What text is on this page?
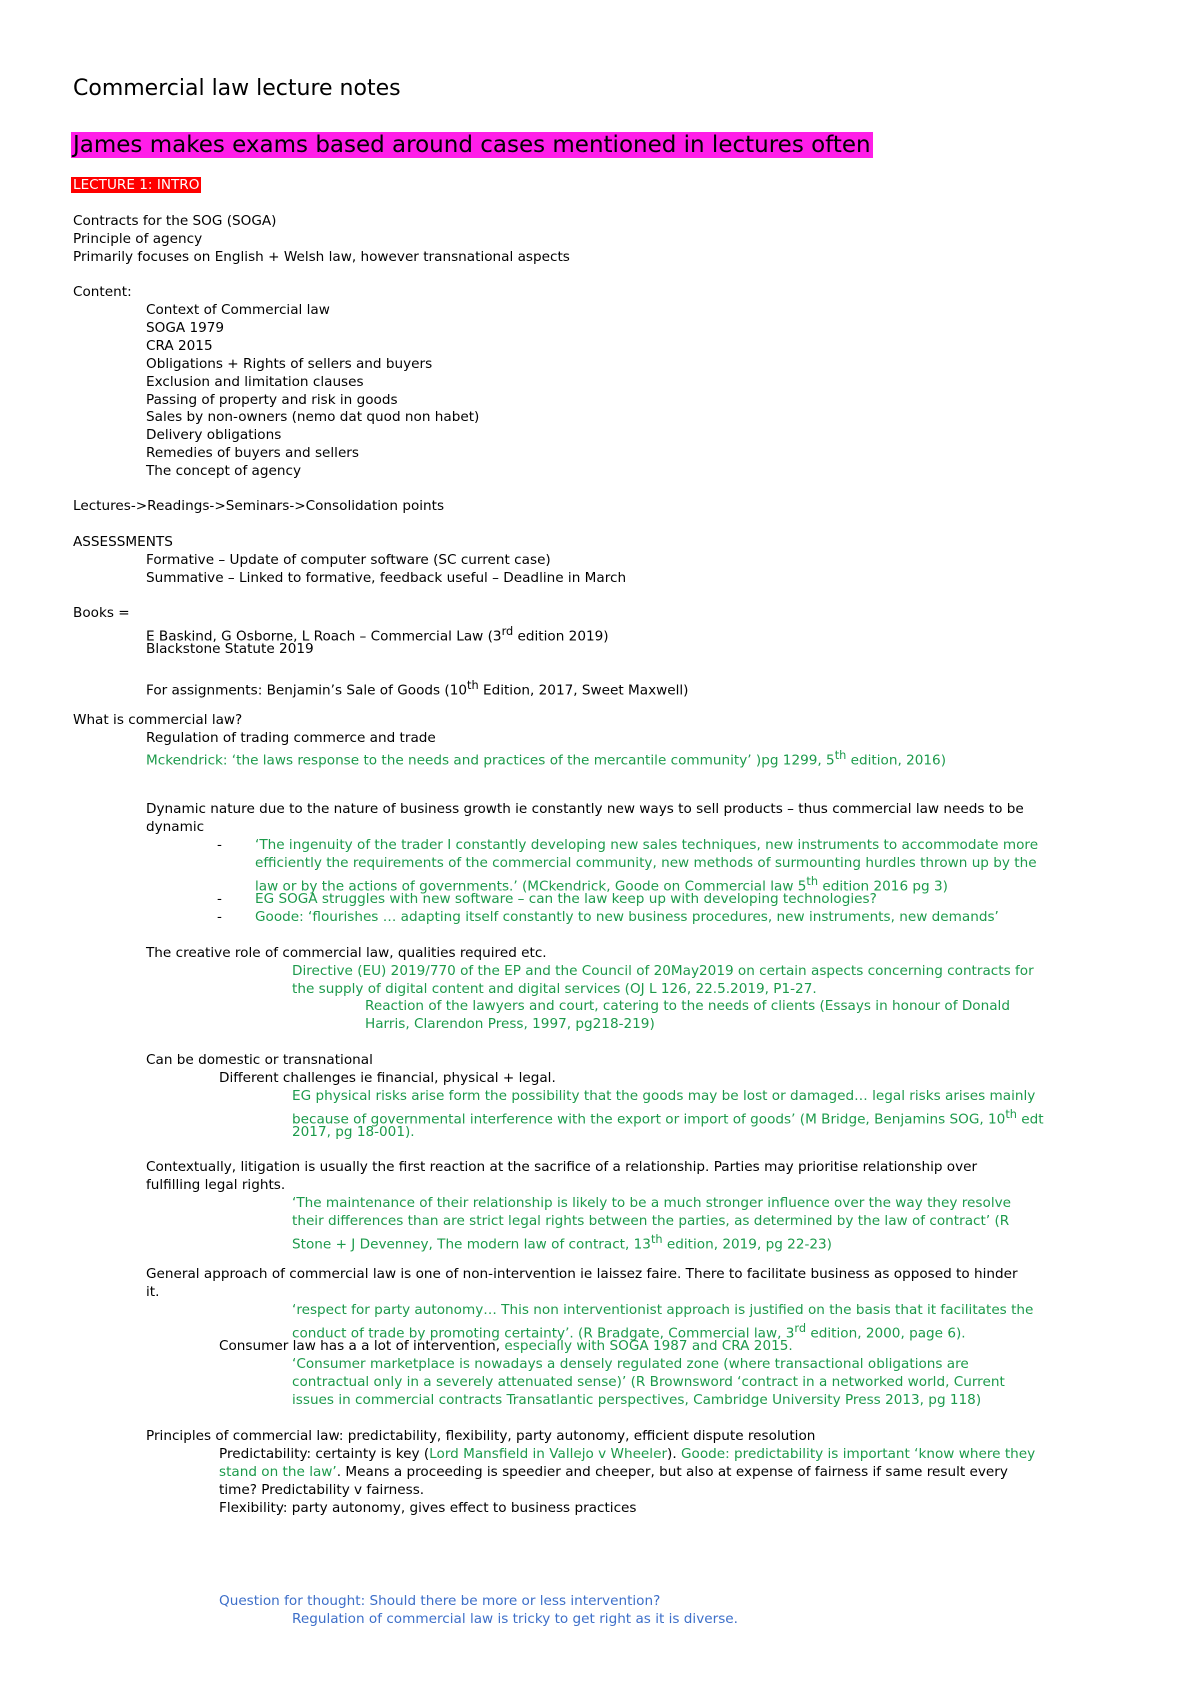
Commercial law lecture notes
James makes exams based around cases mentioned in lectures often
LECTURE 1: INTRO
Contracts for the SOG (SOGA)
Principle of agency
Primarily focuses on English + Welsh law, however transnational aspects
Content:
Context of Commercial law
SOGA 1979
CRA 2015
Obligations + Rights of sellers and buyers
Exclusion and limitation clauses
Passing of property and risk in goods
Sales by non-owners (nemo dat quod non habet)
Delivery obligations
Remedies of buyers and sellers
The concept of agency
Lectures->Readings->Seminars->Consolidation points
ASSESSMENTS
Formative – Update of computer software (SC current case)
Summative – Linked to formative, feedback useful – Deadline in March
Books =
E Baskind, G Osborne, L Roach – Commercial Law (3rd edition 2019)
Blackstone Statute 2019
For assignments: Benjamin’s Sale of Goods (10th Edition, 2017, Sweet Maxwell)
What is commercial law?
Regulation of trading commerce and trade
Mckendrick: ‘the laws response to the needs and practices of the mercantile community’ )pg 1299, 5th edition, 2016)
Dynamic nature due to the nature of business growth ie constantly new ways to sell products – thus commercial law needs to be
dynamic
- ‘The ingenuity of the trader I constantly developing new sales techniques, new instruments to accommodate more
efficiently the requirements of the commercial community, new methods of surmounting hurdles thrown up by the
law or by the actions of governments.’ (MCkendrick, Goode on Commercial law 5th edition 2016 pg 3)
- EG SOGA struggles with new software – can the law keep up with developing technologies?
- Goode: ‘flourishes … adapting itself constantly to new business procedures, new instruments, new demands’
The creative role of commercial law, qualities required etc.
Directive (EU) 2019/770 of the EP and the Council of 20May2019 on certain aspects concerning contracts for
the supply of digital content and digital services (OJ L 126, 22.5.2019, P1-27.
Reaction of the lawyers and court, catering to the needs of clients (Essays in honour of Donald
Harris, Clarendon Press, 1997, pg218-219)
Can be domestic or transnational
Different challenges ie financial, physical + legal.
EG physical risks arise form the possibility that the goods may be lost or damaged… legal risks arises mainly
because of governmental interference with the export or import of goods’ (M Bridge, Benjamins SOG, 10th edt
2017, pg 18-001).
Contextually, litigation is usually the first reaction at the sacrifice of a relationship. Parties may prioritise relationship over
fulfilling legal rights.
‘The maintenance of their relationship is likely to be a much stronger influence over the way they resolve
their differences than are strict legal rights between the parties, as determined by the law of contract’ (R
Stone + J Devenney, The modern law of contract, 13th edition, 2019, pg 22-23)
General approach of commercial law is one of non-intervention ie laissez faire. There to facilitate business as opposed to hinder
it.
‘respect for party autonomy… This non interventionist approach is justified on the basis that it facilitates the
conduct of trade by promoting certainty’. (R Bradgate, Commercial law, 3rd edition, 2000, page 6).
Consumer law has a a lot of intervention, especially with SOGA 1987 and CRA 2015.
‘Consumer marketplace is nowadays a densely regulated zone (where transactional obligations are
contractual only in a severely attenuated sense)’ (R Brownsword ‘contract in a networked world, Current
issues in commercial contracts Transatlantic perspectives, Cambridge University Press 2013, pg 118)
Principles of commercial law: predictability, flexibility, party autonomy, efficient dispute resolution
Predictability: certainty is key (Lord Mansfield in Vallejo v Wheeler). Goode: predictability is important ‘know where they
stand on the law’. Means a proceeding is speedier and cheeper, but also at expense of fairness if same result every
time? Predictability v fairness.
Flexibility: party autonomy, gives effect to business practices
Question for thought: Should there be more or less intervention?
Regulation of commercial law is tricky to get right as it is diverse.
